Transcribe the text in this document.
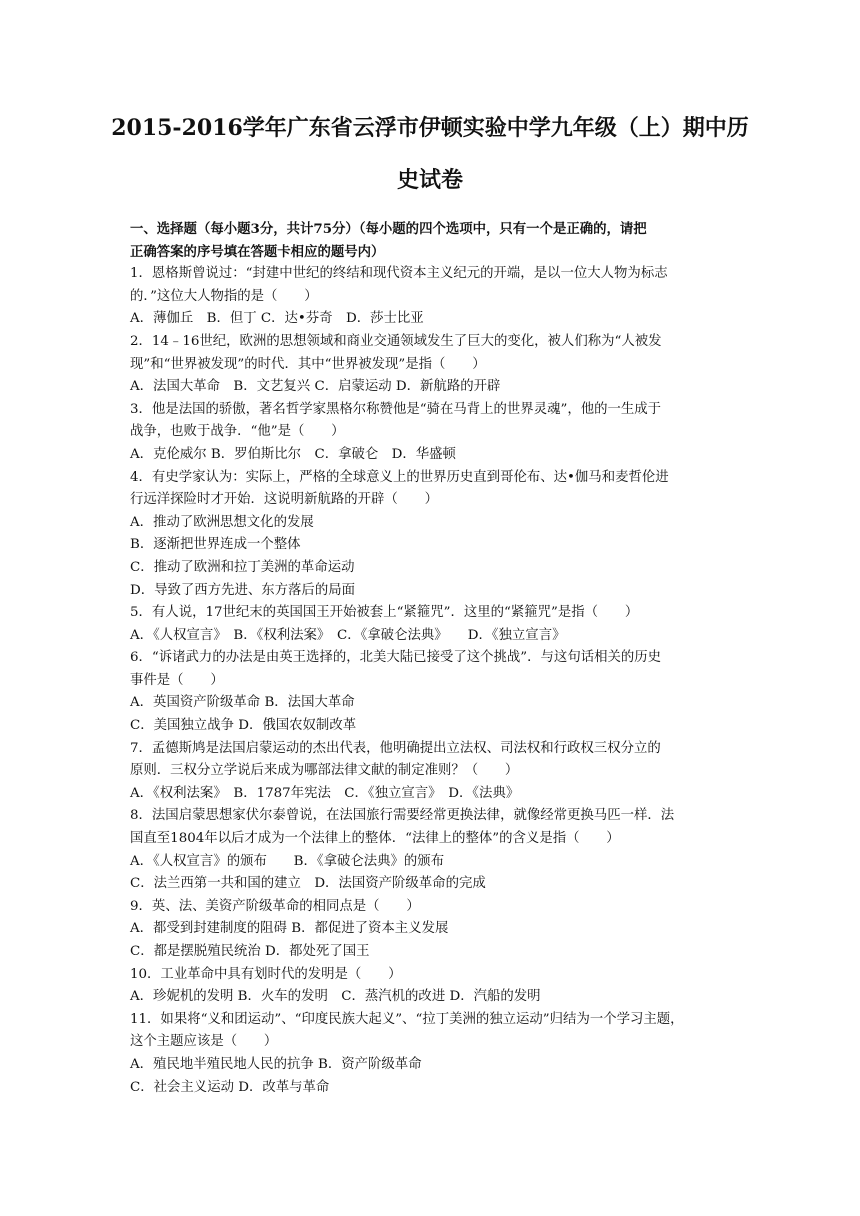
2015-2016学年广东省云浮市伊顿实验中学九年级（上）期中历
史试卷
一、选择题（每小题3分，共计75分）（每小题的四个选项中，只有一个是正确的，请把
正确答案的序号填在答题卡相应的题号内）
1．恩格斯曾说过：“封建中世纪的终结和现代资本主义纪元的开端，是以一位大人物为标志
的．”这位大人物指的是（　　）
A．薄伽丘　B．但丁 C．达•芬奇　D．莎士比亚
2．14﹣16世纪，欧洲的思想领域和商业交通领域发生了巨大的变化，被人们称为“人被发
现”和“世界被发现”的时代．其中“世界被发现”是指（　　）
A．法国大革命　B．文艺复兴 C．启蒙运动 D．新航路的开辟
3．他是法国的骄傲，著名哲学家黑格尔称赞他是“骑在马背上的世界灵魂”，他的一生成于
战争，也败于战争．“他”是（　　）
A．克伦威尔 B．罗伯斯比尔　C．拿破仑　D．华盛顿
4．有史学家认为：实际上，严格的全球意义上的世界历史直到哥伦布、达•伽马和麦哲伦进
行远洋探险时才开始．这说明新航路的开辟（　　）
A．推动了欧洲思想文化的发展
B．逐渐把世界连成一个整体
C．推动了欧洲和拉丁美洲的革命运动
D．导致了西方先进、东方落后的局面
5．有人说，17世纪末的英国国王开始被套上“紧箍咒”．这里的“紧箍咒”是指（　　）
A．《人权宣言》　B．《权利法案》　C．《拿破仑法典》　　D．《独立宣言》
6．“诉诸武力的办法是由英王选择的，北美大陆已接受了这个挑战”．与这句话相关的历史
事件是（　　）
A．英国资产阶级革命 B．法国大革命
C．美国独立战争 D．俄国农奴制改革
7．孟德斯鸠是法国启蒙运动的杰出代表，他明确提出立法权、司法权和行政权三权分立的
原则．三权分立学说后来成为哪部法律文献的制定准则？（　　）
A．《权利法案》　B．1787年宪法　C．《独立宣言》　D．《法典》
8．法国启蒙思想家伏尔泰曾说，在法国旅行需要经常更换法律，就像经常更换马匹一样．法
国直至1804年以后才成为一个法律上的整体．“法律上的整体”的含义是指（　　）
A．《人权宣言》的颁布　　B．《拿破仑法典》的颁布
C．法兰西第一共和国的建立　D．法国资产阶级革命的完成
9．英、法、美资产阶级革命的相同点是（　　）
A．都受到封建制度的阻碍 B．都促进了资本主义发展
C．都是摆脱殖民统治 D．都处死了国王
10．工业革命中具有划时代的发明是（　　）
A．珍妮机的发明 B．火车的发明　C．蒸汽机的改进 D．汽船的发明
11．如果将“义和团运动”、“印度民族大起义”、“拉丁美洲的独立运动”归结为一个学习主题，
这个主题应该是（　　）
A．殖民地半殖民地人民的抗争 B．资产阶级革命
C．社会主义运动 D．改革与革命
